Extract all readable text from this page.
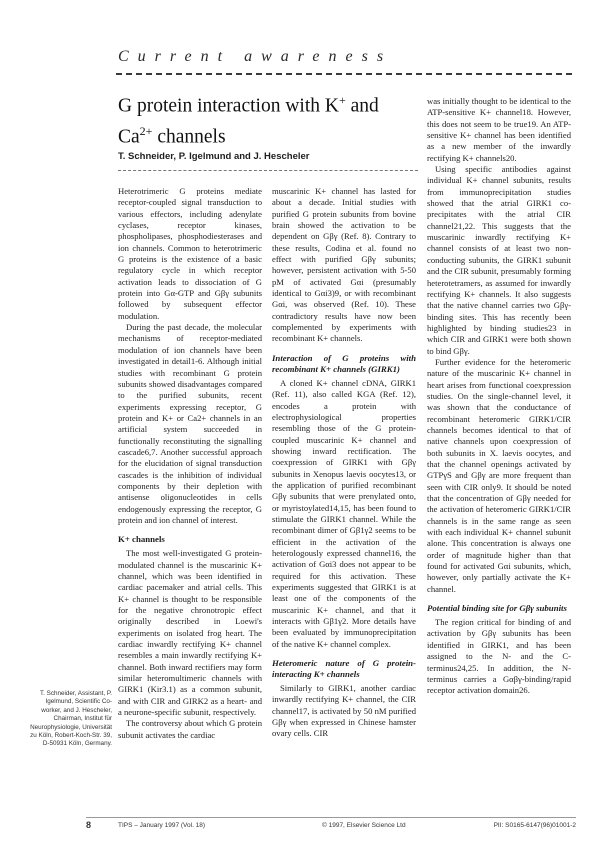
Current awareness
G protein interaction with K+ and $Ca^{2+}$ channels
T. Schneider, P. Igelmund and J. Hescheler

Heterotrimeric G proteins mediate receptor-coupled signal transduction to various effectors, including adenylate cyclases, receptor kinases, phospholipases, phosphodiesterases and ion channels. Common to heterotrimeric G proteins is the existence of a basic regulatory cycle in which receptor activation leads to dissociation of G protein into Gα-GTP and Gβγ subunits followed by subsequent effector modulation.

During the past decade, the molecular mechanisms of receptor-mediated modulation of ion channels have been investigated in detail1-6. Although initial studies with recombinant G protein subunits showed disadvantages compared to the purified subunits, recent experiments expressing receptor, G protein and K+ or Ca2+ channels in an artificial system succeeded in functionally reconstituting the signalling cascade6,7. Another successful approach for the elucidation of signal transduction cascades is the inhibition of individual components by their depletion with antisense oligonucleotides in cells endogenously expressing the receptor, G protein and ion channel of interest.

K+ channels

The most well-investigated G protein-modulated channel is the muscarinic K+ channel, which was been identified in cardiac pacemaker and atrial cells. This K+ channel is thought to be responsible for the negative chronotropic effect originally described in Loewi's experiments on isolated frog heart. The cardiac inwardly rectifying K+ channel resembles a main inwardly rectifying K+ channel. Both inward rectifiers may form similar heteromultimeric channels with GIRK1 (Kir3.1) as a common subunit, and with CIR and GIRK2 as a heart- and a neurone-specific subunit, respectively.

The controversy about which G protein subunit activates the cardiac

muscarinic K+ channel has lasted for about a decade. Initial studies with purified G protein subunits from bovine brain showed the activation to be dependent on Gβγ (Ref. 8). Contrary to these results, Codina et al. found no effect with purified Gβγ subunits; however, persistent activation with 5-50 pM of activated Gαi (presumably identical to Gαi3)9, or with recombinant Gαi, was observed (Ref. 10). These contradictory results have now been complemented by experiments with recombinant K+ channels.

Interaction of G proteins with recombinant K+ channels (GIRK1)

A cloned K+ channel cDNA, GIRK1 (Ref. 11), also called KGA (Ref. 12), encodes a protein with electrophysiological properties resembling those of the G protein-coupled muscarinic K+ channel and showing inward rectification. The coexpression of GIRK1 with Gβγ subunits in Xenopus laevis oocytes13, or the application of purified recombinant Gβγ subunits that were prenylated onto, or myristoylated14,15, has been found to stimulate the GIRK1 channel. While the recombinant dimer of Gβ1γ2 seems to be efficient in the activation of the heterologously expressed channel16, the activation of Gαi3 does not appear to be required for this activation. These experiments suggested that GIRK1 is at least one of the components of the muscarinic K+ channel, and that it interacts with Gβ1γ2. More details have been evaluated by immunoprecipitation of the native K+ channel complex.

Heteromeric nature of G protein-interacting K+ channels

Similarly to GIRK1, another cardiac inwardly rectifying K+ channel, the CIR channel17, is activated by 50 nM purified Gβγ when expressed in Chinese hamster ovary cells. CIR

was initially thought to be identical to the ATP-sensitive K+ channel18. However, this does not seem to be true19. An ATP-sensitive K+ channel has been identified as a new member of the inwardly rectifying K+ channels20.

Using specific antibodies against individual K+ channel subunits, results from immunoprecipitation studies showed that the atrial GIRK1 co-precipitates with the atrial CIR channel21,22. This suggests that the muscarinic inwardly rectifying K+ channel consists of at least two non-conducting subunits, the GIRK1 subunit and the CIR subunit, presumably forming heterotetramers, as assumed for inwardly rectifying K+ channels. It also suggests that the native channel carries two Gβγ-binding sites. This has recently been highlighted by binding studies23 in which CIR and GIRK1 were both shown to bind Gβγ.

Further evidence for the heteromeric nature of the muscarinic K+ channel in heart arises from functional coexpression studies. On the single-channel level, it was shown that the conductance of recombinant heteromeric GIRK1/CIR channels becomes identical to that of native channels upon coexpression of both subunits in X. laevis oocytes, and that the channel openings activated by GTPγS and Gβγ are more frequent than seen with CIR only9. It should be noted that the concentration of Gβγ needed for the activation of heteromeric GIRK1/CIR channels is in the same range as seen with each individual K+ channel subunit alone. This concentration is always one order of magnitude higher than that found for activated Gαi subunits, which, however, only partially activate the K+ channel.

Potential binding site for Gβγ subunits

The region critical for binding of and activation by Gβγ subunits has been identified in GIRK1, and has been assigned to the N- and the C-terminus24,25. In addition, the N-terminus carries a Gαβγ-binding/rapid receptor activation domain26.

T. Schneider, Assistant, P. Igelmund, Scientific Co-worker, and J. Hescheler, Chairman, Institut für Neurophysiologie, Universität zu Köln, Robert-Koch-Str. 39, D-50931 Köln, Germany.
8	TIPS – January 1997 (Vol. 18)	© 1997, Elsevier Science Ltd	PII: S0165-6147(96)01001-2
